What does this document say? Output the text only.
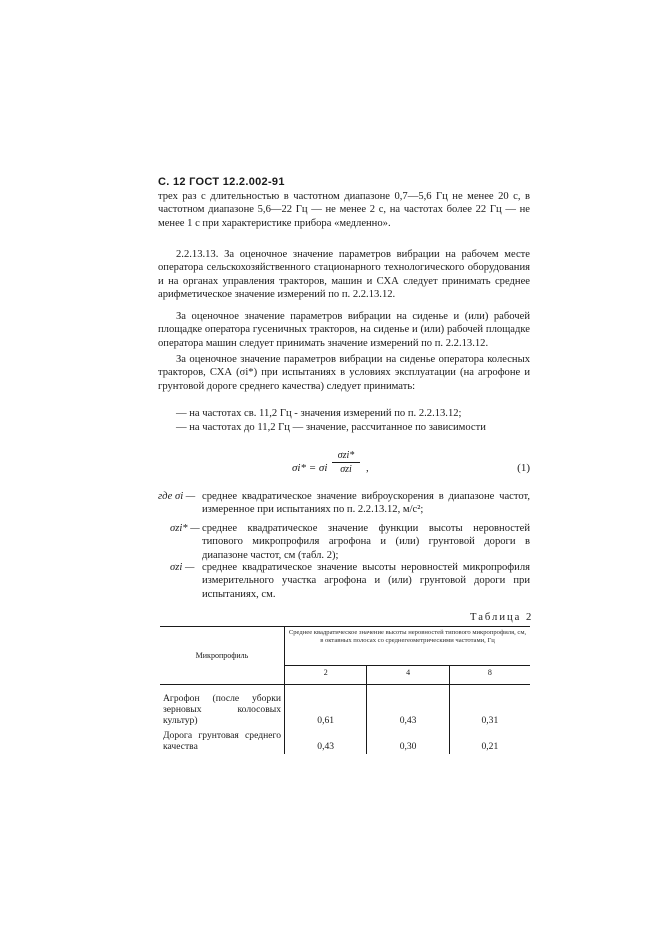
С. 12 ГОСТ 12.2.002-91

трех раз с длительностью в частотном диапазоне 0,7—5,6 Гц не менее 20 с, в частотном диапазоне 5,6—22 Гц — не менее 2 с, на частотах более 22 Гц — не менее 1 с при характеристике прибора «медленно».

2.2.13.13. За оценочное значение параметров вибрации на рабочем месте оператора сельскохозяйственного стационарного технологического оборудования и на органах управления тракторов, машин и СХА следует принимать среднее арифметическое значение измерений по п. 2.2.13.12.

За оценочное значение параметров вибрации на сиденье и (или) рабочей площадке оператора гусеничных тракторов, на сиденье и (или) рабочей площадке оператора машин следует принимать значение измерений по п. 2.2.13.12.

За оценочное значение параметров вибрации на сиденье оператора колесных тракторов, СХА (σi*) при испытаниях в условиях эксплуатации (на агрофоне и грунтовой дороге среднего качества) следует принимать:

— на частотах св. 11,2 Гц - значения измерений по п. 2.2.13.12;

— на частотах до 11,2 Гц — значение, рассчитанное по зависимости

σi* = σi
σzi*
σzi	,	(1)
где σi — среднее квадратическое значение виброускорения в диапазоне частот, измеренное при испытаниях по п. 2.2.13.12, м/с²;
σzi* — среднее квадратическое значение функции высоты неровностей типового микропрофиля агрофона и (или) грунтовой дороги в диапазоне частот, см (табл. 2);
σzi — среднее квадратическое значение высоты неровностей микропрофиля измерительного участка агрофона и (или) грунтовой дороги при испытаниях, см.
Таблица 2
Микропрофиль	Среднее квадратическое значение высоты неровностей типового микропрофиля, см, в октавных полосах со среднегеометрическими частотами, Гц		
	2	4	8
Агрофон (после уборки зерновых колосовых культур)	0,61	0,43	0,31
Дорога грунтовая среднего качества	0,43	0,30	0,21
